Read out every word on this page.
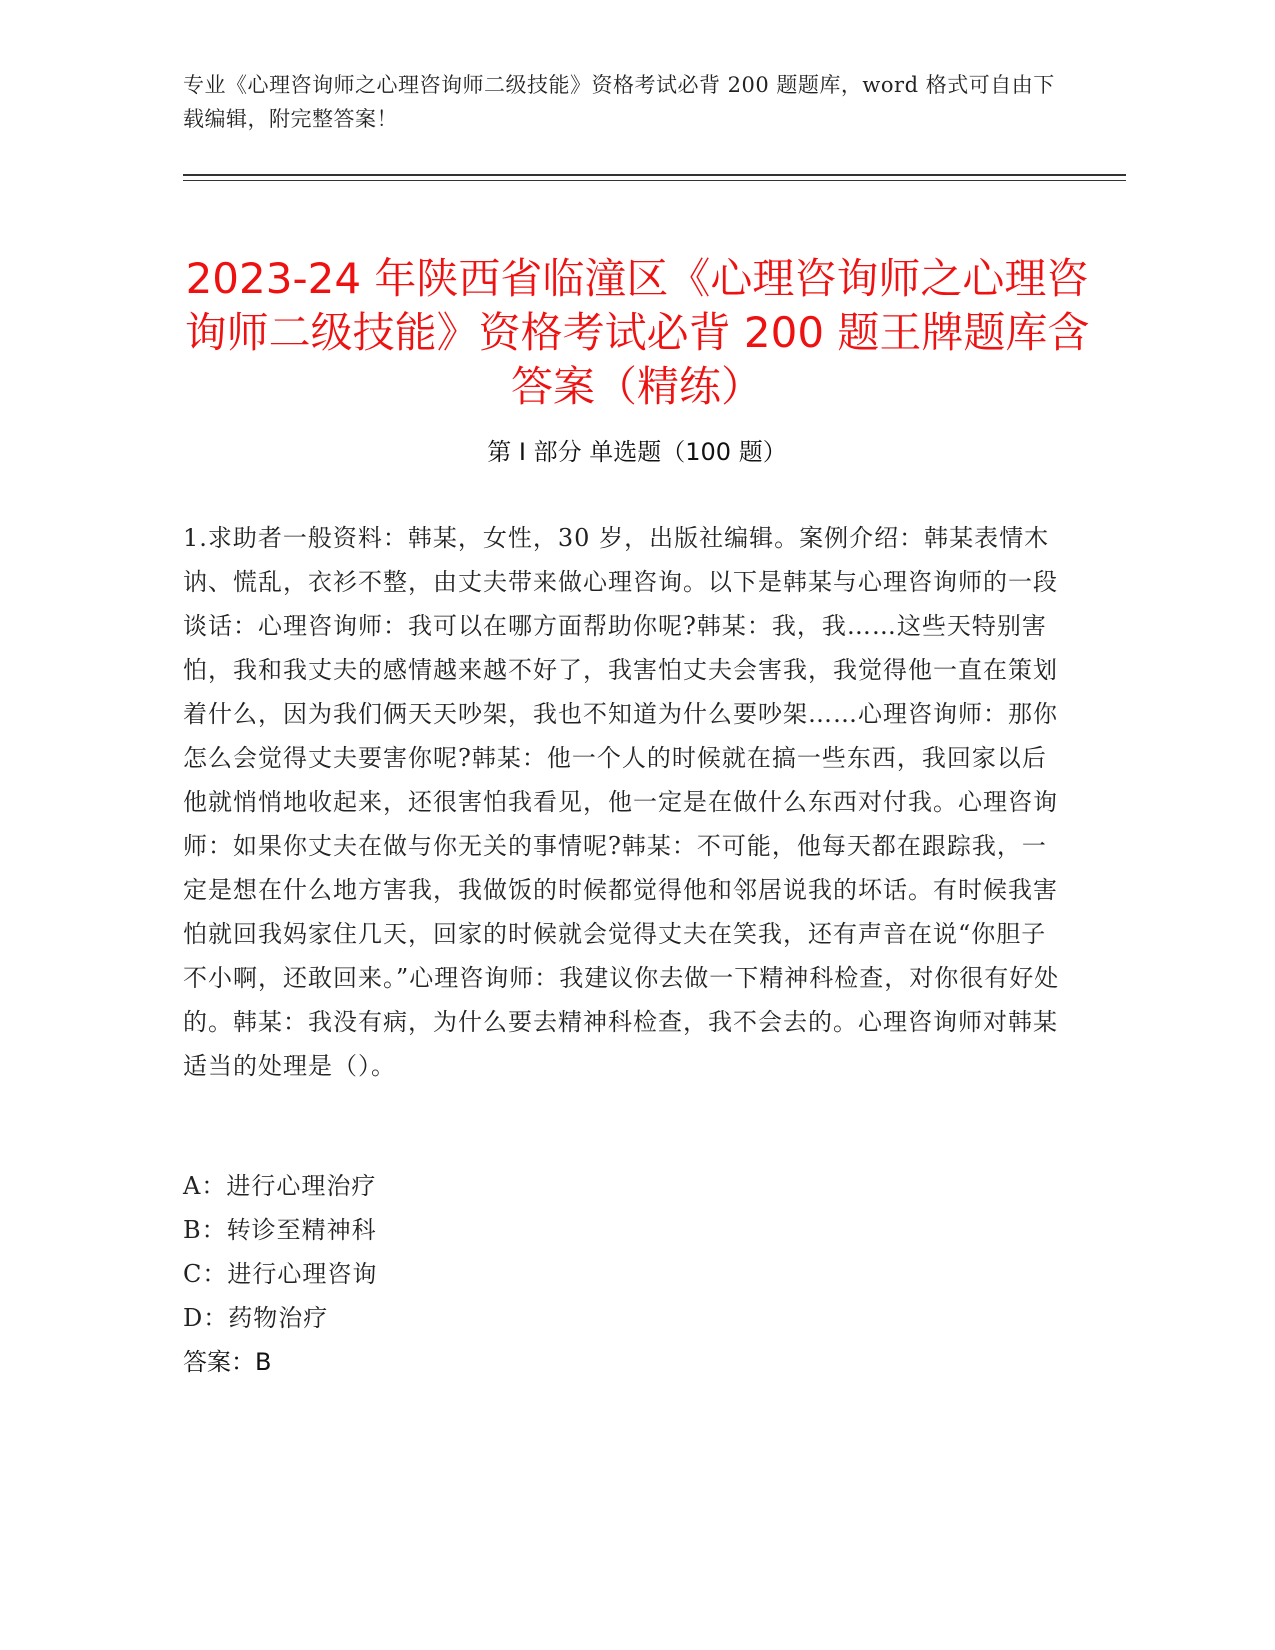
专业《心理咨询师之心理咨询师二级技能》资格考试必背 200 题题库，word 格式可自由下载编辑，附完整答案！
2023-24 年陕西省临潼区《心理咨询师之心理咨询师二级技能》资格考试必背 200 题王牌题库含答案（精练）
第 I 部分 单选题（100 题）
1.求助者一般资料：韩某，女性，30 岁，出版社编辑。案例介绍：韩某表情木讷、慌乱，衣衫不整，由丈夫带来做心理咨询。以下是韩某与心理咨询师的一段谈话：心理咨询师：我可以在哪方面帮助你呢?韩某：我，我……这些天特别害怕，我和我丈夫的感情越来越不好了，我害怕丈夫会害我，我觉得他一直在策划着什么，因为我们俩天天吵架，我也不知道为什么要吵架……心理咨询师：那你怎么会觉得丈夫要害你呢?韩某：他一个人的时候就在搞一些东西，我回家以后他就悄悄地收起来，还很害怕我看见，他一定是在做什么东西对付我。心理咨询师：如果你丈夫在做与你无关的事情呢?韩某：不可能，他每天都在跟踪我，一定是想在什么地方害我，我做饭的时候都觉得他和邻居说我的坏话。有时候我害怕就回我妈家住几天，回家的时候就会觉得丈夫在笑我，还有声音在说“你胆子不小啊，还敢回来。”心理咨询师：我建议你去做一下精神科检查，对你很有好处的。韩某：我没有病，为什么要去精神科检查，我不会去的。心理咨询师对韩某适当的处理是（）。
A：进行心理治疗
B：转诊至精神科
C：进行心理咨询
D：药物治疗
答案：B
